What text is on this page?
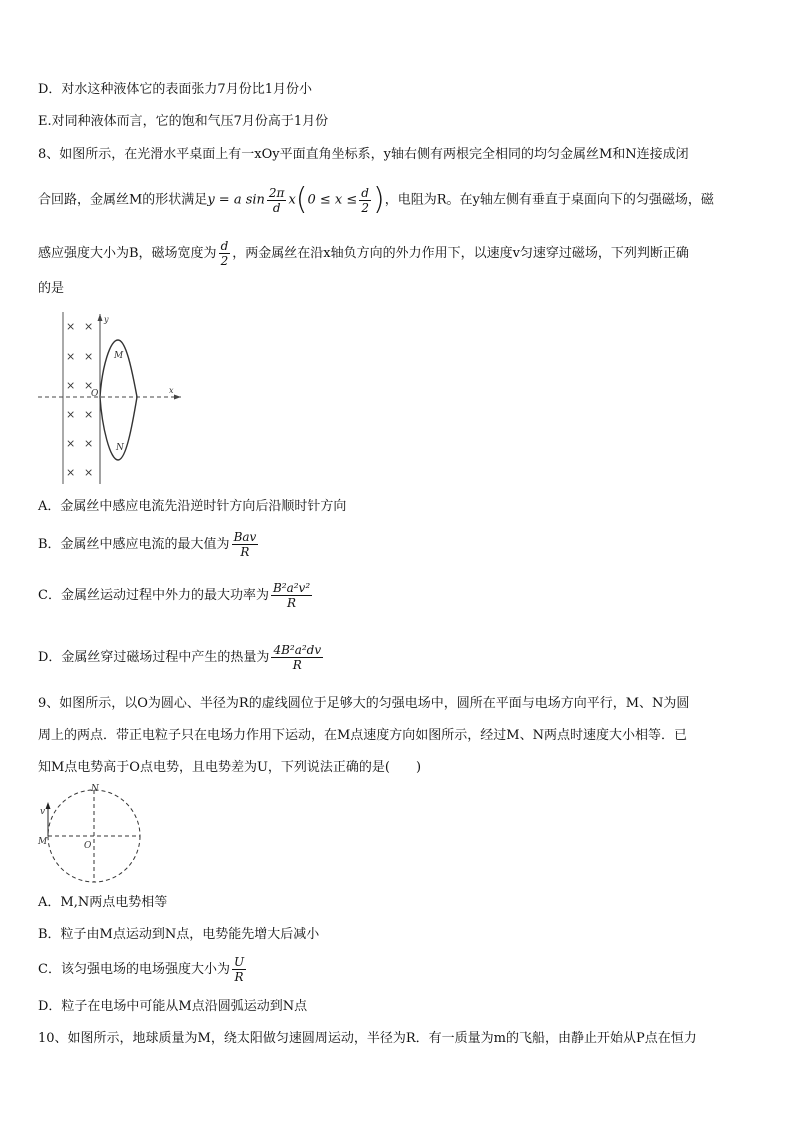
D．对水这种液体它的表面张力7月份比1月份小
E.对同种液体而言，它的饱和气压7月份高于1月份
8、如图所示，在光滑水平桌面上有一xOy平面直角坐标系，y轴右侧有两根完全相同的均匀金属丝M和N连接成闭
合回路，金属丝M的形状满足y = a $\sin \frac{2\pi}{d} x(0 \le x \le \frac{d}{2}$ )，电阻为R。在y轴左侧有垂直于桌面向下的匀强磁场，磁
感应强度大小为B，磁场宽度为 $\frac{d}{2}$ ，两金属丝在沿x轴负方向的外力作用下，以速度v匀速穿过磁场，下列判断正确
的是
× ×
× ×
× ×
× ×
× ×
× ×
y
x
O
M
N
A．金属丝中感应电流先沿逆时针方向后沿顺时针方向
B．金属丝中感应电流的最大值为 $\frac{\text{Bav}}{R}$
C．金属丝运动过程中外力的最大功率为 $\frac{\text{B²a²v²}}{R}$
D．金属丝穿过磁场过程中产生的热量为 $\frac{\text{4B²a²dv}}{R}$
9、如图所示，以O为圆心、半径为R的虚线圆位于足够大的匀强电场中，圆所在平面与电场方向平行，M、N为圆
周上的两点．带正电粒子只在电场力作用下运动，在M点速度方向如图所示，经过M、N两点时速度大小相等．已
知M点电势高于O点电势，且电势差为U，下列说法正确的是(　　)
v
M
N
O
A．M,N两点电势相等
B．粒子由M点运动到N点，电势能先增大后减小
C．该匀强电场的电场强度大小为 $\frac{U}{R}$
D．粒子在电场中可能从M点沿圆弧运动到N点
10、如图所示，地球质量为M，绕太阳做匀速圆周运动，半径为R．有一质量为m的飞船，由静止开始从P点在恒力
